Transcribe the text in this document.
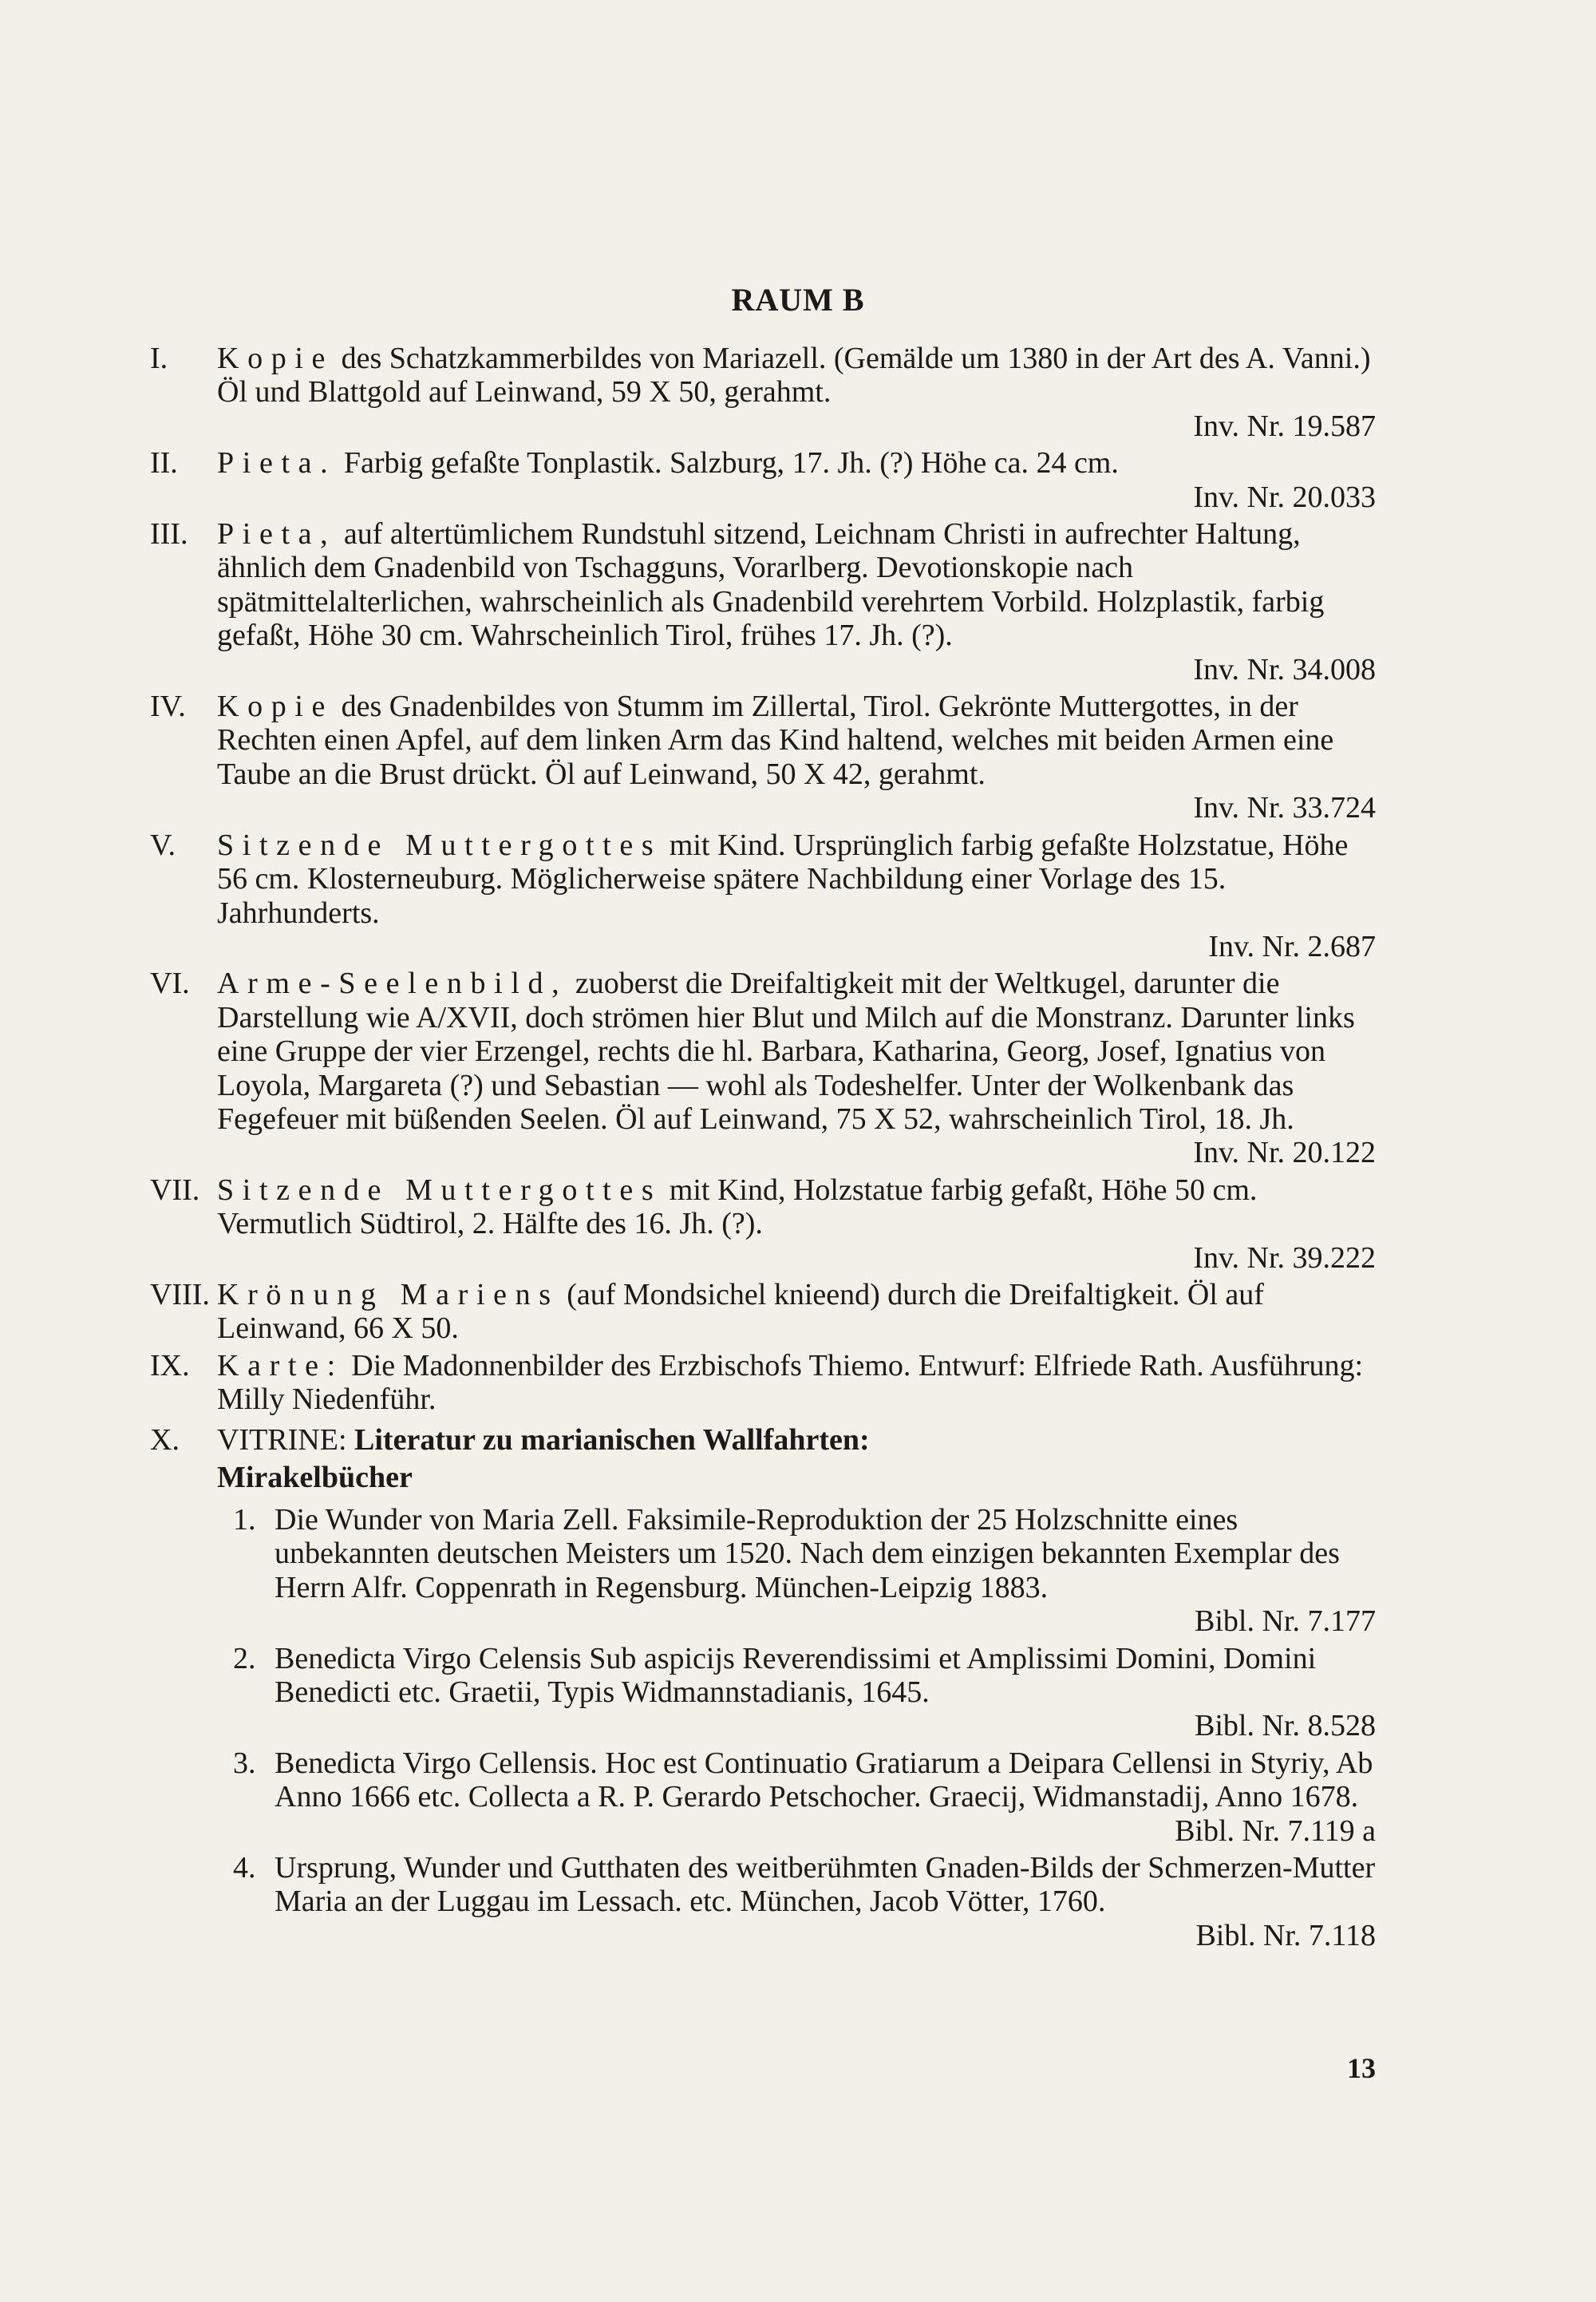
RAUM B
I. Kopie des Schatzkammerbildes von Mariazell. (Gemälde um 1380 in der Art des A. Vanni.) Öl und Blattgold auf Leinwand, 59 X 50, gerahmt.
Inv. Nr. 19.587
II. Pieta. Farbig gefaßte Tonplastik. Salzburg, 17. Jh. (?) Höhe ca. 24 cm.
Inv. Nr. 20.033
III. Pieta, auf altertümlichem Rundstuhl sitzend, Leichnam Christi in aufrechter Haltung, ähnlich dem Gnadenbild von Tschagguns, Vorarlberg. Devotionskopie nach spätmittelalterlichen, wahrscheinlich als Gnadenbild verehrtem Vorbild. Holzplastik, farbig gefaßt, Höhe 30 cm. Wahrscheinlich Tirol, frühes 17. Jh. (?).
Inv. Nr. 34.008
IV. Kopie des Gnadenbildes von Stumm im Zillertal, Tirol. Gekrönte Muttergottes, in der Rechten einen Apfel, auf dem linken Arm das Kind haltend, welches mit beiden Armen eine Taube an die Brust drückt. Öl auf Leinwand, 50 X 42, gerahmt.
Inv. Nr. 33.724
V. Sitzende Muttergottes mit Kind. Ursprünglich farbig gefaßte Holzstatue, Höhe 56 cm. Klosterneuburg. Möglicherweise spätere Nachbildung einer Vorlage des 15. Jahrhunderts.
Inv. Nr. 2.687
VI. Arme-Seelenbild, zuoberst die Dreifaltigkeit mit der Weltkugel, darunter die Darstellung wie A/XVII, doch strömen hier Blut und Milch auf die Monstranz. Darunter links eine Gruppe der vier Erzengel, rechts die hl. Barbara, Katharina, Georg, Josef, Ignatius von Loyola, Margareta (?) und Sebastian — wohl als Todeshelfer. Unter der Wolkenbank das Fegefeuer mit büßenden Seelen. Öl auf Leinwand, 75 X 52, wahrscheinlich Tirol, 18. Jh.
Inv. Nr. 20.122
VII. Sitzende Muttergottes mit Kind, Holzstatue farbig gefaßt, Höhe 50 cm. Vermutlich Südtirol, 2. Hälfte des 16. Jh. (?).
Inv. Nr. 39.222
VIII. Krönung Mariens (auf Mondsichel knieend) durch die Dreifaltigkeit. Öl auf Leinwand, 66 X 50.
IX. Karte: Die Madonnenbilder des Erzbischofs Thiemo. Entwurf: Elfriede Rath. Ausführung: Milly Niedenführ.
X. VITRINE: Literatur zu marianischen Wallfahrten:
Mirakelbücher
1. Die Wunder von Maria Zell. Faksimile-Reproduktion der 25 Holzschnitte eines unbekannten deutschen Meisters um 1520. Nach dem einzigen bekannten Exemplar des Herrn Alfr. Coppenrath in Regensburg. München-Leipzig 1883.
Bibl. Nr. 7.177
2. Benedicta Virgo Celensis Sub aspicijs Reverendissimi et Amplissimi Domini, Domini Benedicti etc. Graetii, Typis Widmannstadianis, 1645.
Bibl. Nr. 8.528
3. Benedicta Virgo Cellensis. Hoc est Continuatio Gratiarum a Deipara Cellensi in Styriy, Ab Anno 1666 etc. Collecta a R. P. Gerardo Petschocher. Graecij, Widmanstadij, Anno 1678.
Bibl. Nr. 7.119 a
4. Ursprung, Wunder und Gutthaten des weitberühmten Gnaden-Bilds der Schmerzen-Mutter Maria an der Luggau im Lessach. etc. München, Jacob Vötter, 1760.
Bibl. Nr. 7.118
13
